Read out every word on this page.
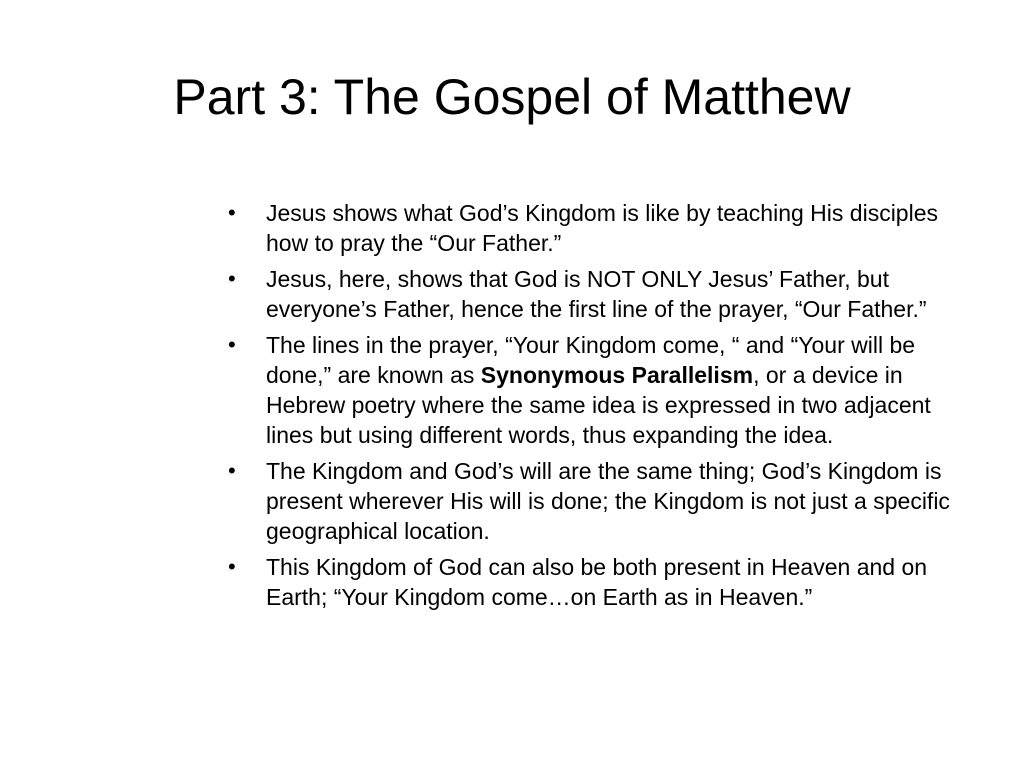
Part 3: The Gospel of Matthew
•	Jesus shows what God’s Kingdom is like by teaching His disciples how to pray the “Our Father.”
•	Jesus, here, shows that God is NOT ONLY Jesus’ Father, but everyone’s Father, hence the first line of the prayer, “Our Father.”
•	The lines in the prayer, “Your Kingdom come, “ and “Your will be done,” are known as Synonymous Parallelism, or a device in Hebrew poetry where the same idea is expressed in two adjacent lines but using different words, thus expanding the idea.
•	The Kingdom and God’s will are the same thing; God’s Kingdom is present wherever His will is done; the Kingdom is not just a specific geographical location.
•	This Kingdom of God can also be both present in Heaven and on Earth; “Your Kingdom come…on Earth as in Heaven.”
